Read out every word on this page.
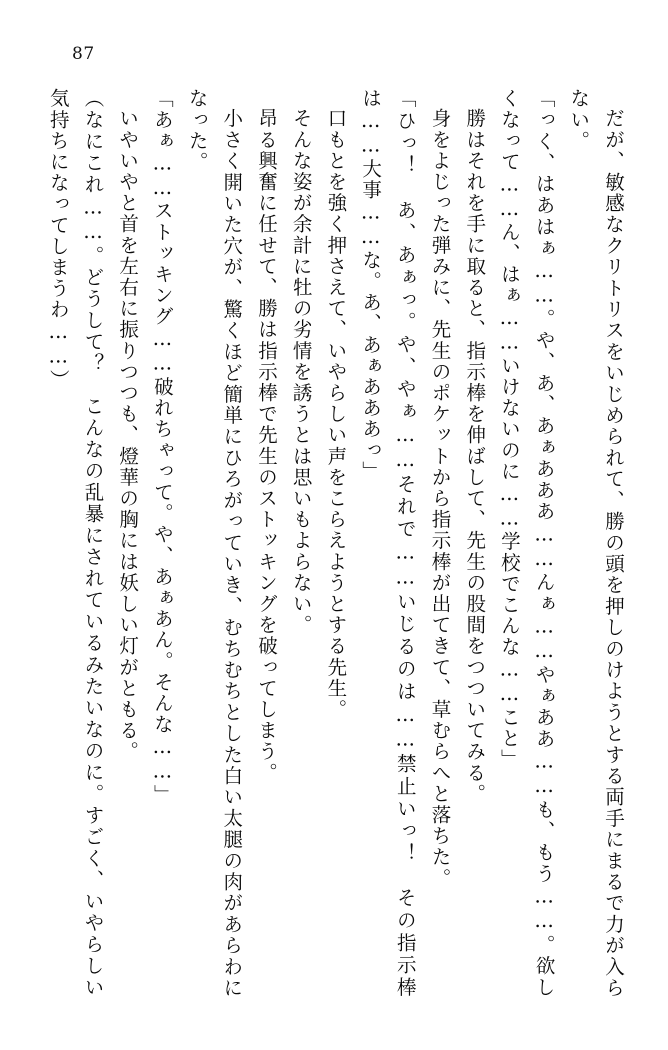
87
だが、敏感なクリトリスをいじめられて、勝の頭を押しのけようとする両手にまるで力が入らない。
「っく、はあはぁ……。や、あ、あぁあああ……んぁ……やぁああ……も、もう……。欲しくなって……ん、はぁ……いけないのに……学校でこんな……こと」
勝はそれを手に取ると、指示棒を伸ばして、先生の股間をつついてみる。
身をよじった弾みに、先生のポケットから指示棒が出てきて、草むらへと落ちた。
「ひっ！　あ、あぁっ。や、やぁ……それで……いじるのは……禁止いっ！　その指示棒は……大事……な。あ、あぁあああっ」
口もとを強く押さえて、いやらしい声をこらえようとする先生。
そんな姿が余計に牡の劣情を誘うとは思いもよらない。
昂る興奮に任せて、勝は指示棒で先生のストッキングを破ってしまう。
小さく開いた穴が、驚くほど簡単にひろがっていき、むちむちとした白い太腿の肉があらわになった。
「あぁ……ストッキング……破れちゃって。や、あぁあん。そんな……」
いやいやと首を左右に振りつつも、燈華の胸には妖しい灯がともる。
（なにこれ……。どうして？　こんなの乱暴にされているみたいなのに。すごく、いやらしい気持ちになってしまうわ……）
